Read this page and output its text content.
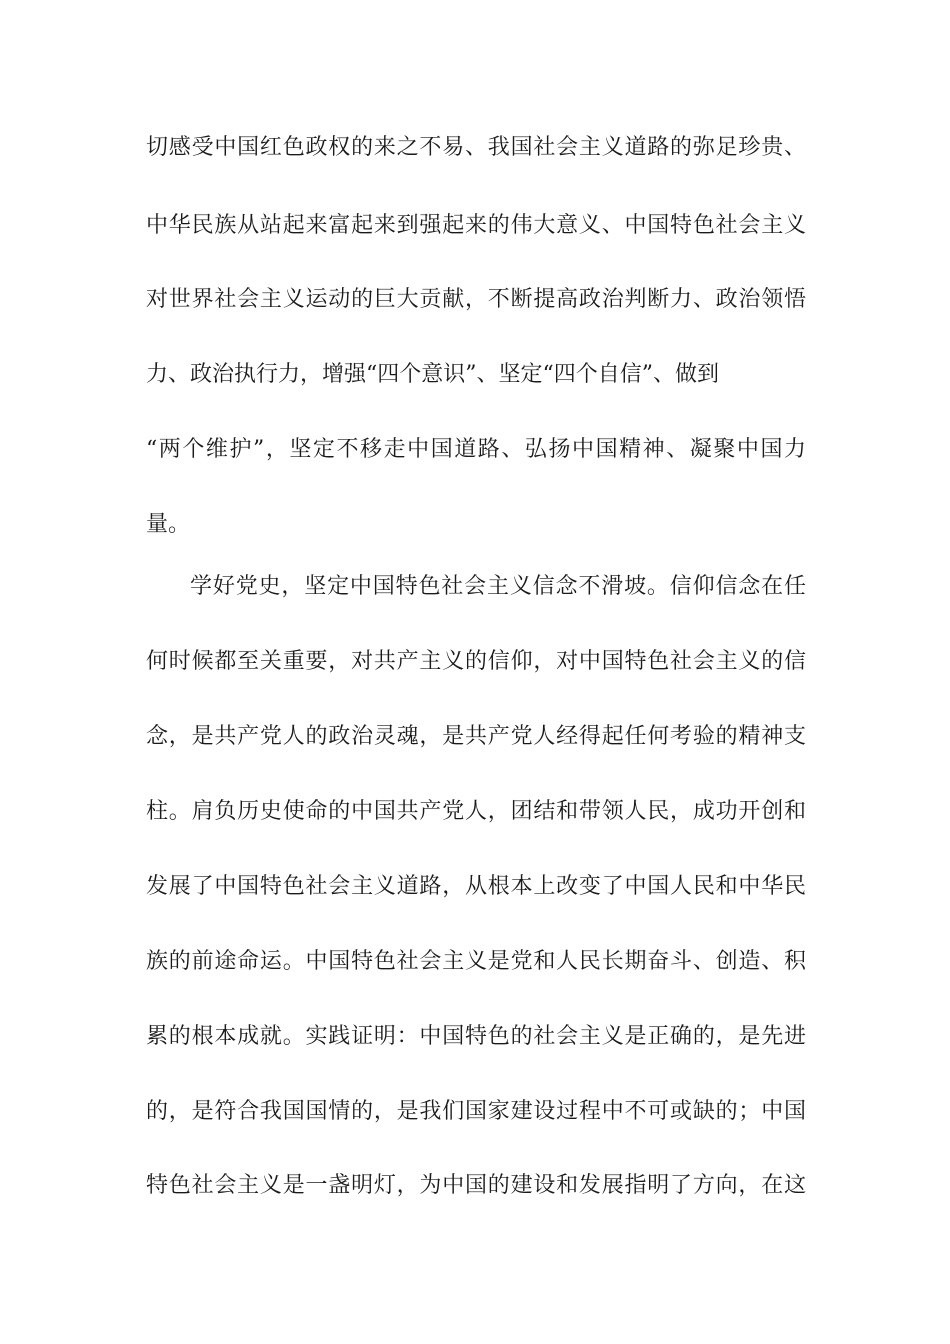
切感受中国红色政权的来之不易、我国社会主义道路的弥足珍贵、
中华民族从站起来富起来到强起来的伟大意义、中国特色社会主义
对世界社会主义运动的巨大贡献，不断提高政治判断力、政治领悟
力、政治执行力，增强“四个意识”、坚定“四个自信”、做到
“两个维护”，坚定不移走中国道路、弘扬中国精神、凝聚中国力
量。
学好党史，坚定中国特色社会主义信念不滑坡。信仰信念在任
何时候都至关重要，对共产主义的信仰，对中国特色社会主义的信
念，是共产党人的政治灵魂，是共产党人经得起任何考验的精神支
柱。肩负历史使命的中国共产党人，团结和带领人民，成功开创和
发展了中国特色社会主义道路，从根本上改变了中国人民和中华民
族的前途命运。中国特色社会主义是党和人民长期奋斗、创造、积
累的根本成就。实践证明：中国特色的社会主义是正确的，是先进
的，是符合我国国情的，是我们国家建设过程中不可或缺的；中国
特色社会主义是一盏明灯，为中国的建设和发展指明了方向，在这
